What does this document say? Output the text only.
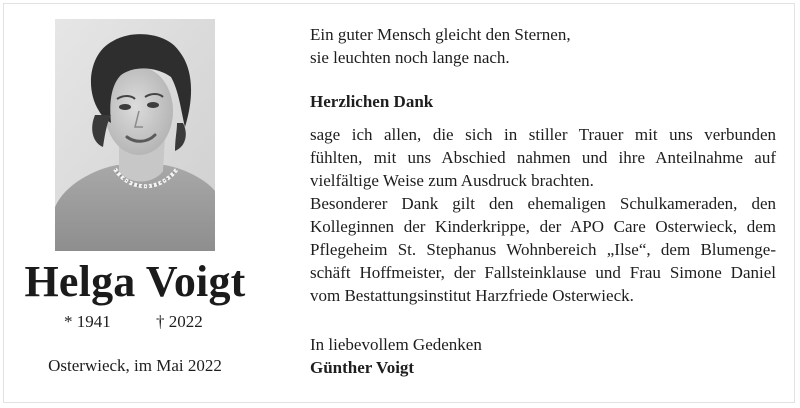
Helga Voigt
* 1941	† 2022
Osterwieck, im Mai 2022
Ein guter Mensch gleicht den Sternen,
sie leuchten noch lange nach.
Herzlichen Dank
sage ich allen, die sich in stiller Trauer mit uns verbunden
fühlten, mit uns Abschied nahmen und ihre Anteilnahme auf
vielfältige Weise zum Ausdruck brachten.
Besonderer Dank gilt den ehemaligen Schulkameraden, den
Kolleginnen der Kinderkrippe, der APO Care Osterwieck, dem
Pflegeheim St. Stephanus Wohnbereich „Ilse“, dem Blumenge-
schäft Hoffmeister, der Fallsteinklause und Frau Simone Daniel
vom Bestattungsinstitut Harzfriede Osterwieck.
In liebevollem Gedenken
Günther Voigt
